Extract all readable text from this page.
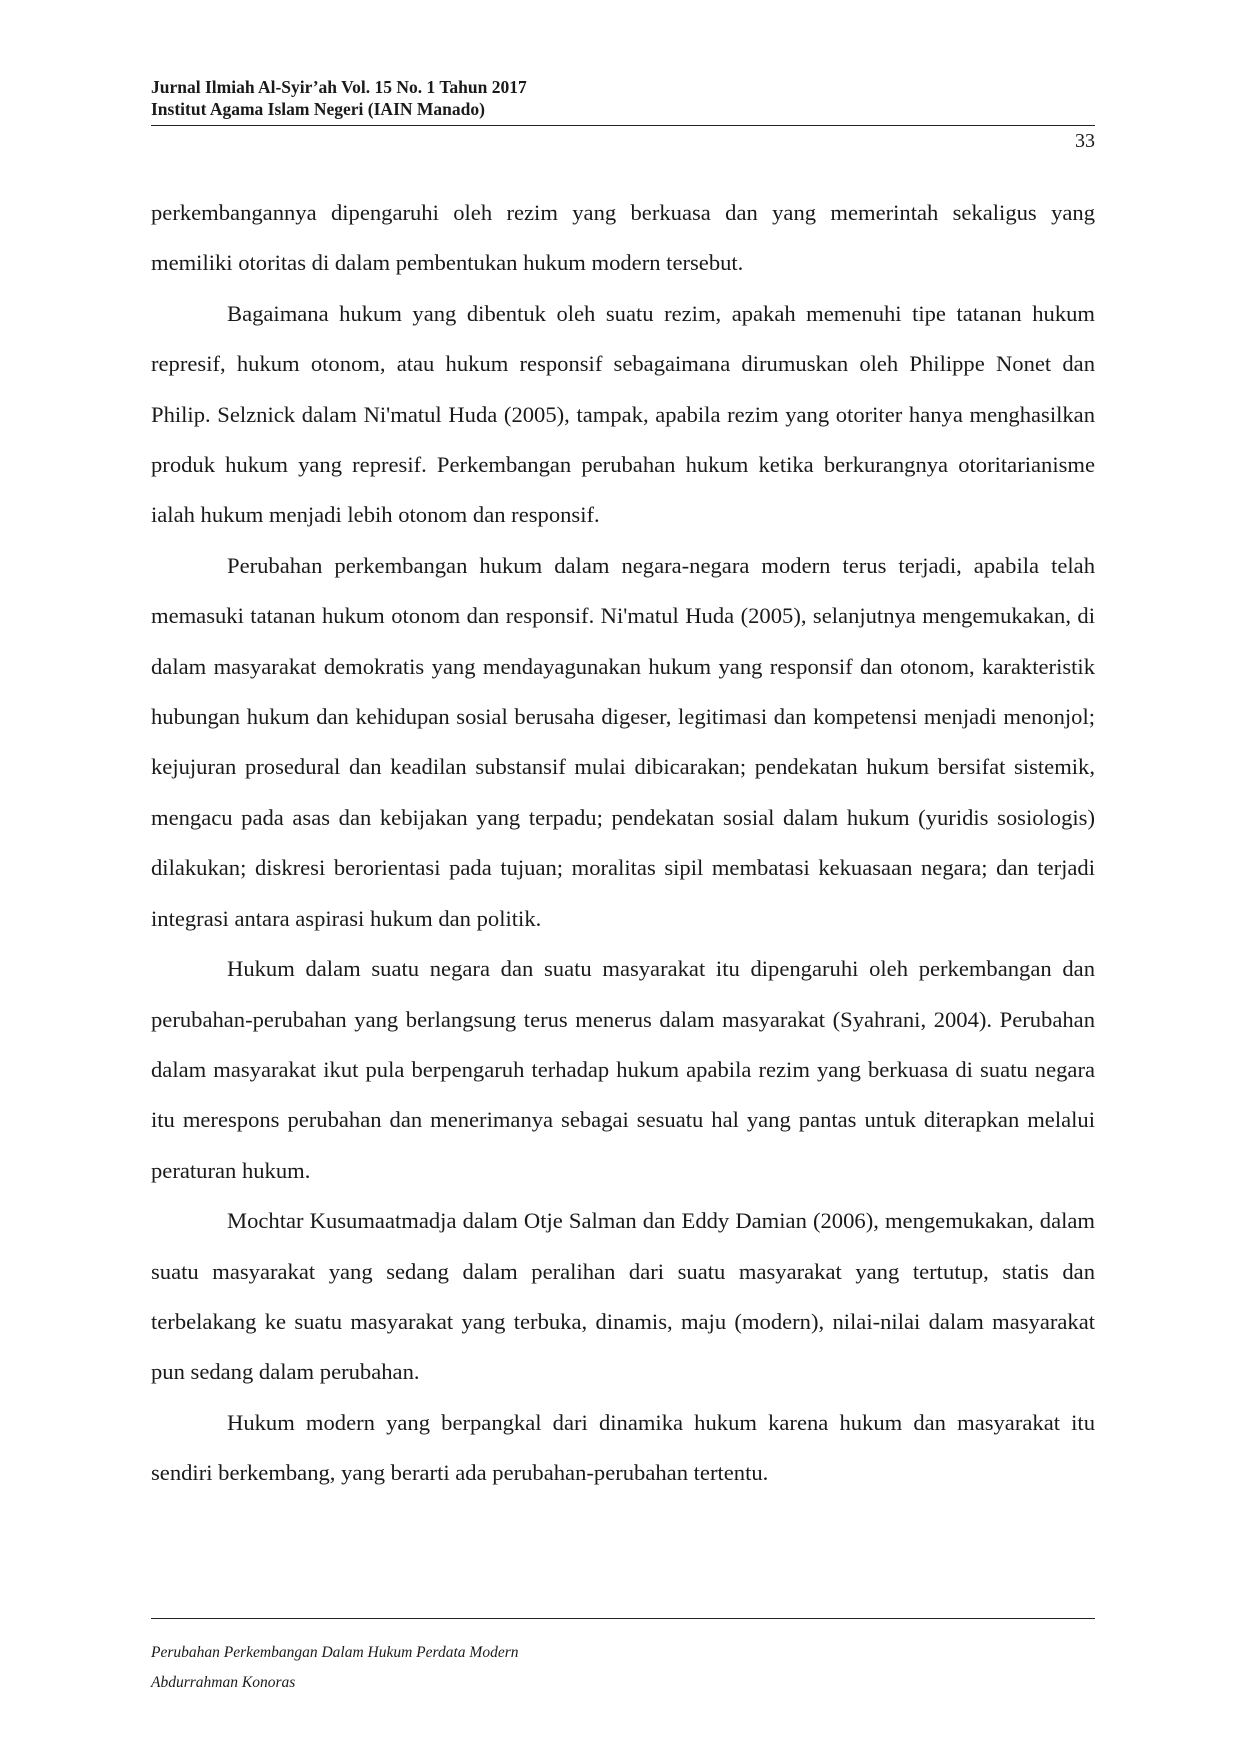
Jurnal Ilmiah Al-Syir’ah Vol. 15 No. 1 Tahun 2017
Institut Agama Islam Negeri (IAIN Manado)
33

perkembangannya dipengaruhi oleh rezim yang berkuasa dan yang memerintah sekaligus yang memiliki otoritas di dalam pembentukan hukum modern tersebut.

Bagaimana hukum yang dibentuk oleh suatu rezim, apakah memenuhi tipe tatanan hukum represif, hukum otonom, atau hukum responsif sebagaimana dirumuskan oleh Philippe Nonet dan Philip. Selznick dalam Ni'matul Huda (2005), tampak, apabila rezim yang otoriter hanya menghasilkan produk hukum yang represif. Perkembangan perubahan hukum ketika berkurangnya otoritarianisme ialah hukum menjadi lebih otonom dan responsif.

Perubahan perkembangan hukum dalam negara-negara modern terus terjadi, apabila telah memasuki tatanan hukum otonom dan responsif. Ni'matul Huda (2005), selanjutnya mengemukakan, di dalam masyarakat demokratis yang mendayagunakan hukum yang responsif dan otonom, karakteristik hubungan hukum dan kehidupan sosial berusaha digeser, legitimasi dan kompetensi menjadi menonjol; kejujuran prosedural dan keadilan substansif mulai dibicarakan; pendekatan hukum bersifat sistemik, mengacu pada asas dan kebijakan yang terpadu; pendekatan sosial dalam hukum (yuridis sosiologis) dilakukan; diskresi berorientasi pada tujuan; moralitas sipil membatasi kekuasaan negara; dan terjadi integrasi antara aspirasi hukum dan politik.

Hukum dalam suatu negara dan suatu masyarakat itu dipengaruhi oleh perkembangan dan perubahan-perubahan yang berlangsung terus menerus dalam masyarakat (Syahrani, 2004). Perubahan dalam masyarakat ikut pula berpengaruh terhadap hukum apabila rezim yang berkuasa di suatu negara itu merespons perubahan dan menerimanya sebagai sesuatu hal yang pantas untuk diterapkan melalui peraturan hukum.

Mochtar Kusumaatmadja dalam Otje Salman dan Eddy Damian (2006), mengemukakan, dalam suatu masyarakat yang sedang dalam peralihan dari suatu masyarakat yang tertutup, statis dan terbelakang ke suatu masyarakat yang terbuka, dinamis, maju (modern), nilai-nilai dalam masyarakat pun sedang dalam perubahan.

Hukum modern yang berpangkal dari dinamika hukum karena hukum dan masyarakat itu sendiri berkembang, yang berarti ada perubahan-perubahan tertentu.

Perubahan Perkembangan Dalam Hukum Perdata Modern
Abdurrahman Konoras
